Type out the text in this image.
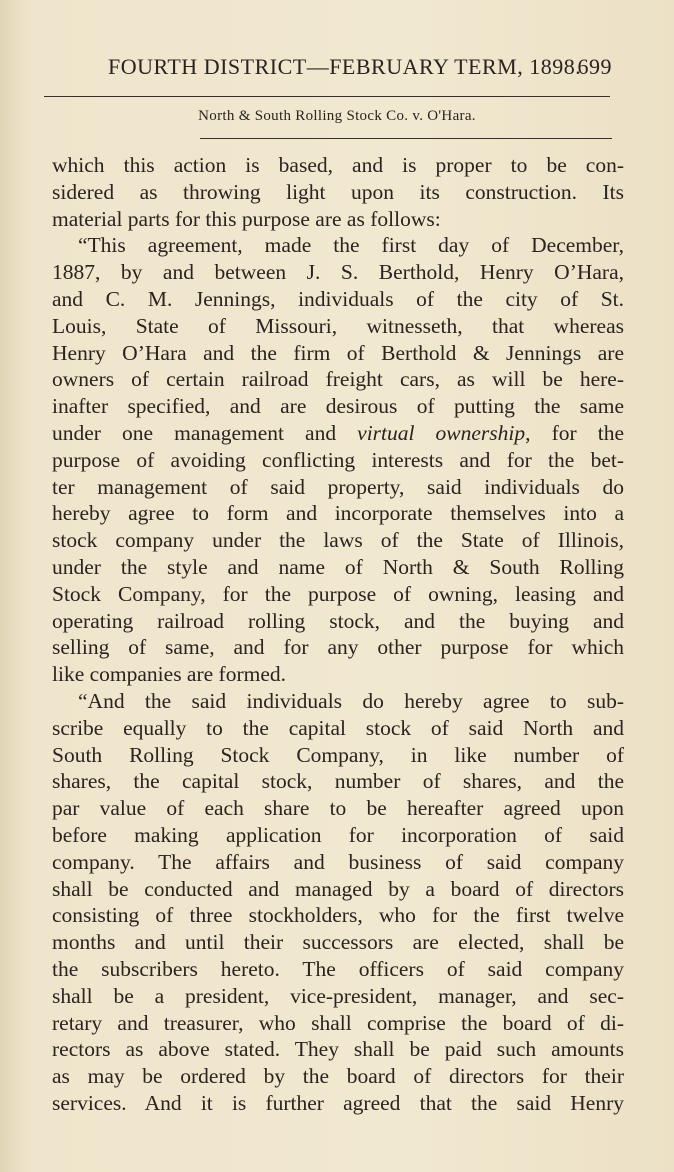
FOURTH DISTRICT—FEBRUARY TERM, 1898.
699
North & South Rolling Stock Co. v. O'Hara.
which this action is based, and is proper to be con-
sidered as throwing light upon its construction. Its
material parts for this purpose are as follows:
“This agreement, made the first day of December,
1887, by and between J. S. Berthold, Henry O’Hara,
and C. M. Jennings, individuals of the city of St.
Louis, State of Missouri, witnesseth, that whereas
Henry O’Hara and the firm of Berthold & Jennings are
owners of certain railroad freight cars, as will be here-
inafter specified, and are desirous of putting the same
under one management and virtual ownership, for the
purpose of avoiding conflicting interests and for the bet-
ter management of said property, said individuals do
hereby agree to form and incorporate themselves into a
stock company under the laws of the State of Illinois,
under the style and name of North & South Rolling
Stock Company, for the purpose of owning, leasing and
operating railroad rolling stock, and the buying and
selling of same, and for any other purpose for which
like companies are formed.
“And the said individuals do hereby agree to sub-
scribe equally to the capital stock of said North and
South Rolling Stock Company, in like number of
shares, the capital stock, number of shares, and the
par value of each share to be hereafter agreed upon
before making application for incorporation of said
company. The affairs and business of said company
shall be conducted and managed by a board of directors
consisting of three stockholders, who for the first twelve
months and until their successors are elected, shall be
the subscribers hereto. The officers of said company
shall be a president, vice-president, manager, and sec-
retary and treasurer, who shall comprise the board of di-
rectors as above stated. They shall be paid such amounts
as may be ordered by the board of directors for their
services. And it is further agreed that the said Henry
